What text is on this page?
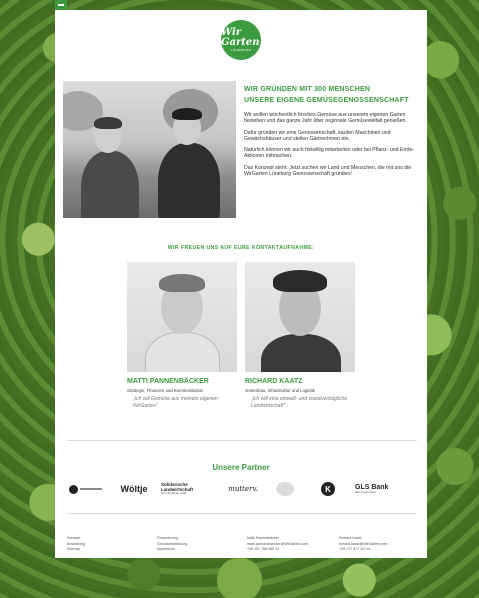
Wir Garten
LÜNEBURG
WIR GRÜNDEN MIT 300 MENSCHEN
UNSERE EIGENE GEMÜSEGENOSSENSCHAFT

Wir wollen wöchentlich frisches Gemüse aus unserem eigenen Garten beziehen und das ganze Jahr über regionale Gemüsevielfalt genießen.

Dafür gründen wir eine Genossenschaft, kaufen Maschinen und Gewächshäuser und stellen GärtnerInnen ein.

Natürlich können wir auch freiwillig mitarbeiten oder bei Pflanz- und Ernte-Aktionen mitmachen.

Das Konzept steht. Jetzt suchen wir Land und Menschen, die mit uns die WirGarten Lüneburg Genossenschaft gründen!

WIR FREUEN UNS AUF EURE KONTAKTAUFNAHME:
MATTI PANNENBÄCKER
Strategie, Finanzen und Kommunikation
„Ich will Gemüse aus meinem eigenen WirGarten"
RICHARD KAATZ
Gartenbau, Infrastruktur und Logistik
„Ich will eine umwelt- und sozialverträgliche Landwirtschaft"
Unsere Partner
Wöltje	Solidarische Landwirtschaft
sich die Ernte teilen
mutterv.	K	GLS Bank
das macht Sinn
Konzept
Ansiedlung
Sitemap
Finanzierung
Gemüsebeziehung
Impressum
Matti Pannenbäcker
matti.pannenbaecker@WirGarten.com
+49 157 768 085 14
Richard Kaatz
richard.kaatz@WirGarten.com
+49 177 877 117 xx
